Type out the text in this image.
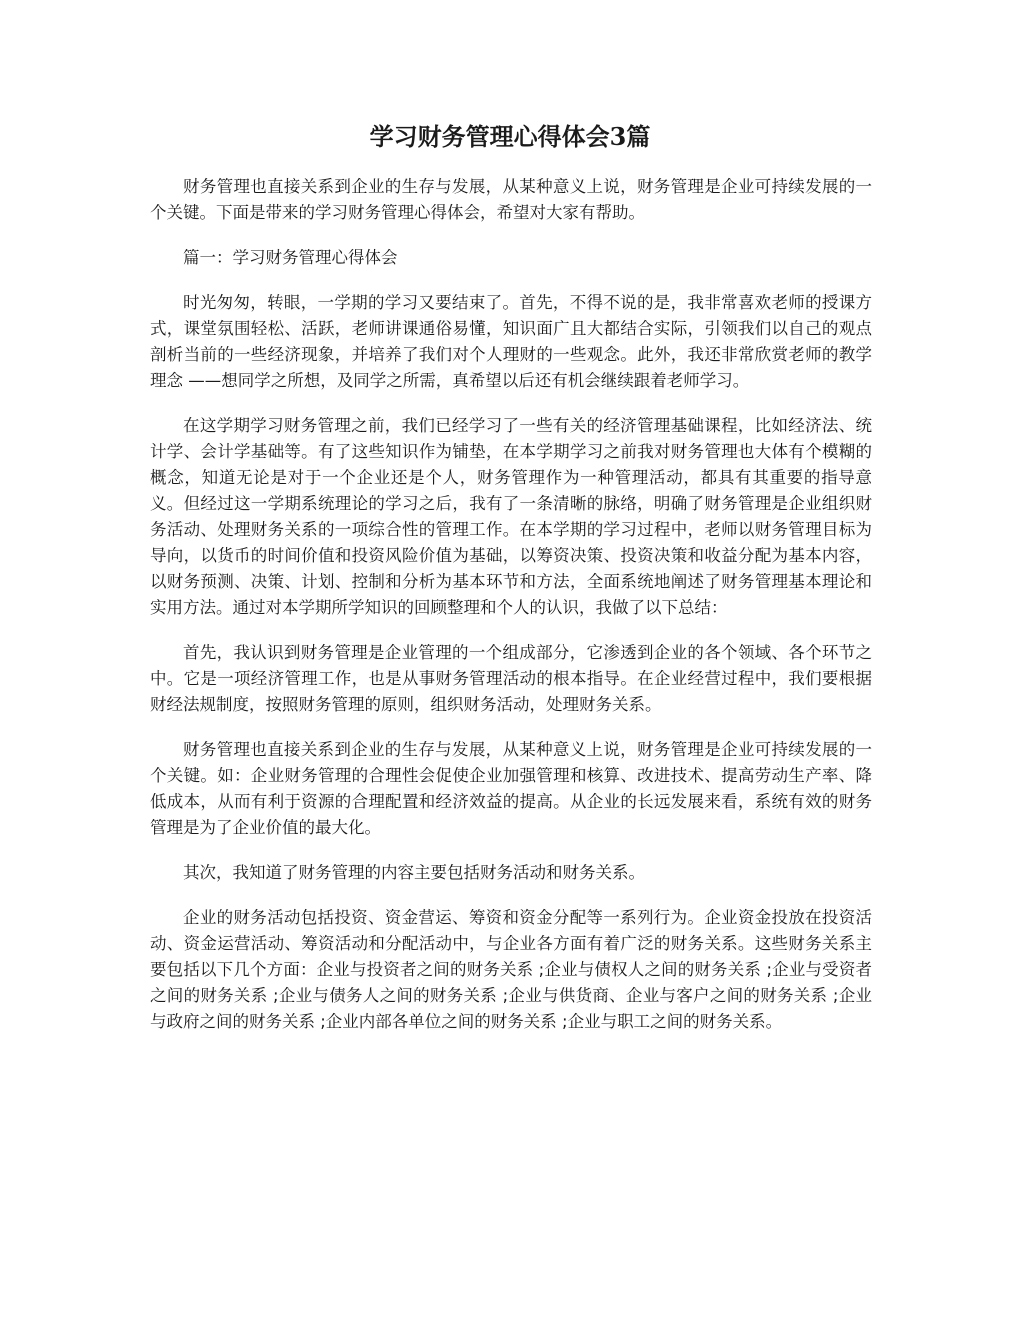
学习财务管理心得体会3篇

财务管理也直接关系到企业的生存与发展，从某种意义上说，财务管理是企业可持续发展的一个关键。下面是带来的学习财务管理心得体会，希望对大家有帮助。

篇一：学习财务管理心得体会

时光匆匆，转眼，一学期的学习又要结束了。首先，不得不说的是，我非常喜欢老师的授课方式，课堂氛围轻松、活跃，老师讲课通俗易懂，知识面广且大都结合实际，引领我们以自己的观点剖析当前的一些经济现象，并培养了我们对个人理财的一些观念。此外，我还非常欣赏老师的教学理念 ——想同学之所想，及同学之所需，真希望以后还有机会继续跟着老师学习。

在这学期学习财务管理之前，我们已经学习了一些有关的经济管理基础课程，比如经济法、统计学、会计学基础等。有了这些知识作为铺垫，在本学期学习之前我对财务管理也大体有个模糊的概念，知道无论是对于一个企业还是个人，财务管理作为一种管理活动，都具有其重要的指导意义。但经过这一学期系统理论的学习之后，我有了一条清晰的脉络，明确了财务管理是企业组织财务活动、处理财务关系的一项综合性的管理工作。在本学期的学习过程中，老师以财务管理目标为导向，以货币的时间价值和投资风险价值为基础，以筹资决策、投资决策和收益分配为基本内容，以财务预测、决策、计划、控制和分析为基本环节和方法，全面系统地阐述了财务管理基本理论和实用方法。通过对本学期所学知识的回顾整理和个人的认识，我做了以下总结：

首先，我认识到财务管理是企业管理的一个组成部分，它渗透到企业的各个领域、各个环节之中。它是一项经济管理工作，也是从事财务管理活动的根本指导。在企业经营过程中，我们要根据财经法规制度，按照财务管理的原则，组织财务活动，处理财务关系。

财务管理也直接关系到企业的生存与发展，从某种意义上说，财务管理是企业可持续发展的一个关键。如：企业财务管理的合理性会促使企业加强管理和核算、改进技术、提高劳动生产率、降低成本，从而有利于资源的合理配置和经济效益的提高。从企业的长远发展来看，系统有效的财务管理是为了企业价值的最大化。

其次，我知道了财务管理的内容主要包括财务活动和财务关系。

企业的财务活动包括投资、资金营运、筹资和资金分配等一系列行为。企业资金投放在投资活动、资金运营活动、筹资活动和分配活动中，与企业各方面有着广泛的财务关系。这些财务关系主要包括以下几个方面：企业与投资者之间的财务关系 ;企业与债权人之间的财务关系 ;企业与受资者之间的财务关系 ;企业与债务人之间的财务关系 ;企业与供货商、企业与客户之间的财务关系 ;企业与政府之间的财务关系 ;企业内部各单位之间的财务关系 ;企业与职工之间的财务关系。
